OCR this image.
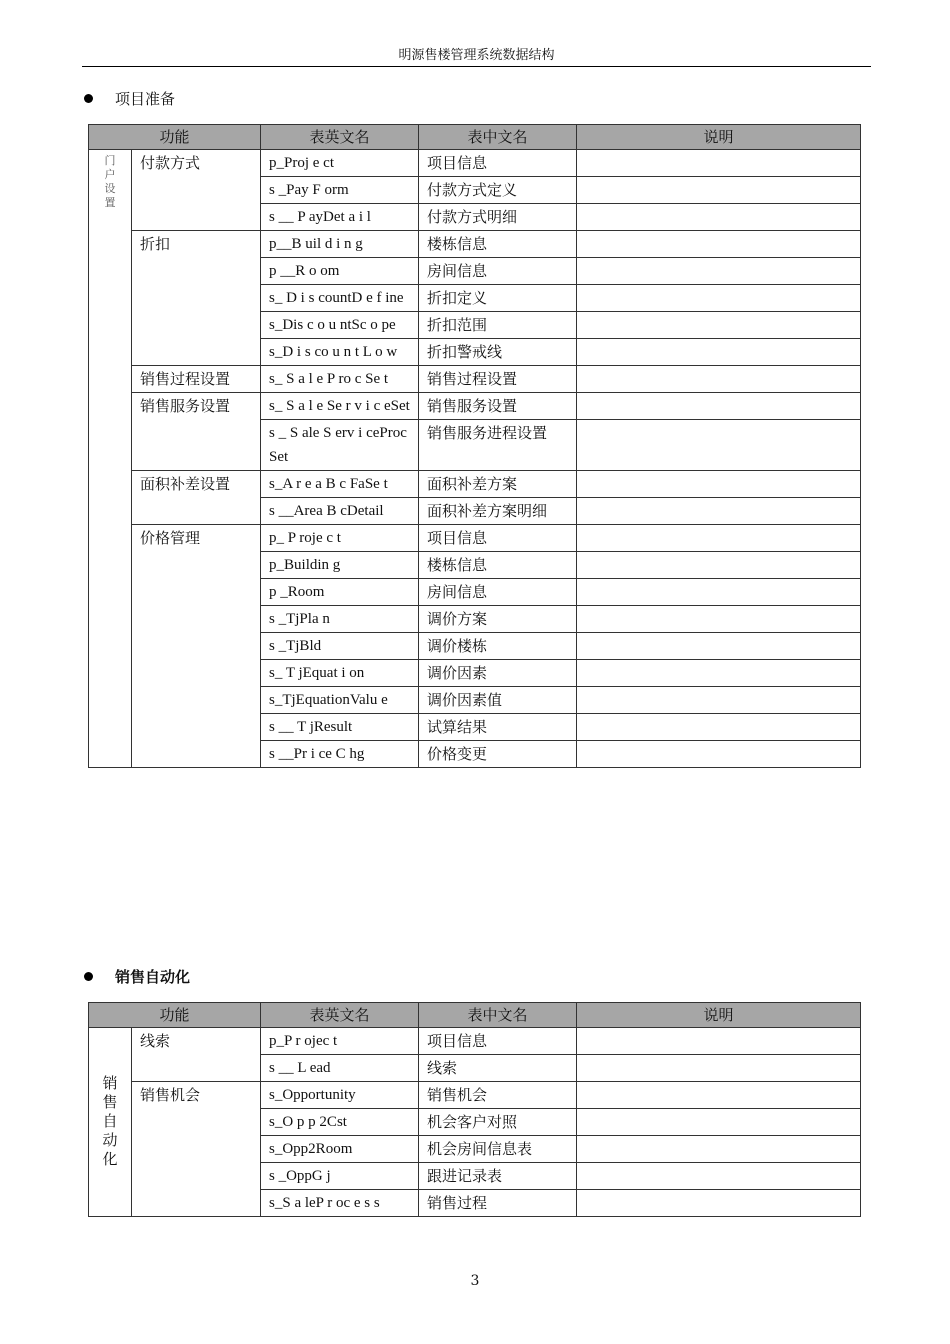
明源售楼管理系统数据结构
项目准备
功能		表英文名	表中文名	说明
门户设置	付款方式	p_Proj e ct	项目信息	
		s _Pay F orm	付款方式定义	
		s __ P ayDet a i l	付款方式明细	
	折扣	p__B uil d i n g	楼栋信息	
		p __R o om	房间信息	
		s_ D i s countD e f ine	折扣定义	
		s_Dis c o u ntSc o pe	折扣范围	
		s_D i s co u n t L o w	折扣警戒线	
	销售过程设置	s_ S a l e P ro c Se t	销售过程设置	
	销售服务设置	s_ S a l e Se r v i c eSet	销售服务设置	
		s _ S ale S erv i ceProcSet	销售服务进程设置	
	面积补差设置	s_A r e a B c FaSe t	面积补差方案	
		s __Area B cDetail	面积补差方案明细	
	价格管理	p_ P roje c t	项目信息	
		p_Buildin g	楼栋信息	
		p _Room	房间信息	
		s _TjPla n	调价方案	
		s _TjBld	调价楼栋	
		s_ T jEquat i on	调价因素	
		s_TjEquationValu e	调价因素值	
		s __ T jResult	试算结果	
		s __Pr i ce C hg	价格变更	
销售自动化
功能		表英文名	表中文名	说明
销售自动化	线索	p_P r ojec t	项目信息	
		s __ L ead	线索	
	销售机会	s_Opportunity	销售机会	
		s_O p p 2Cst	机会客户对照	
		s_Opp2Room	机会房间信息表	
		s _OppG j	跟进记录表	
		s_S a leP r oc e s s	销售过程	
3
